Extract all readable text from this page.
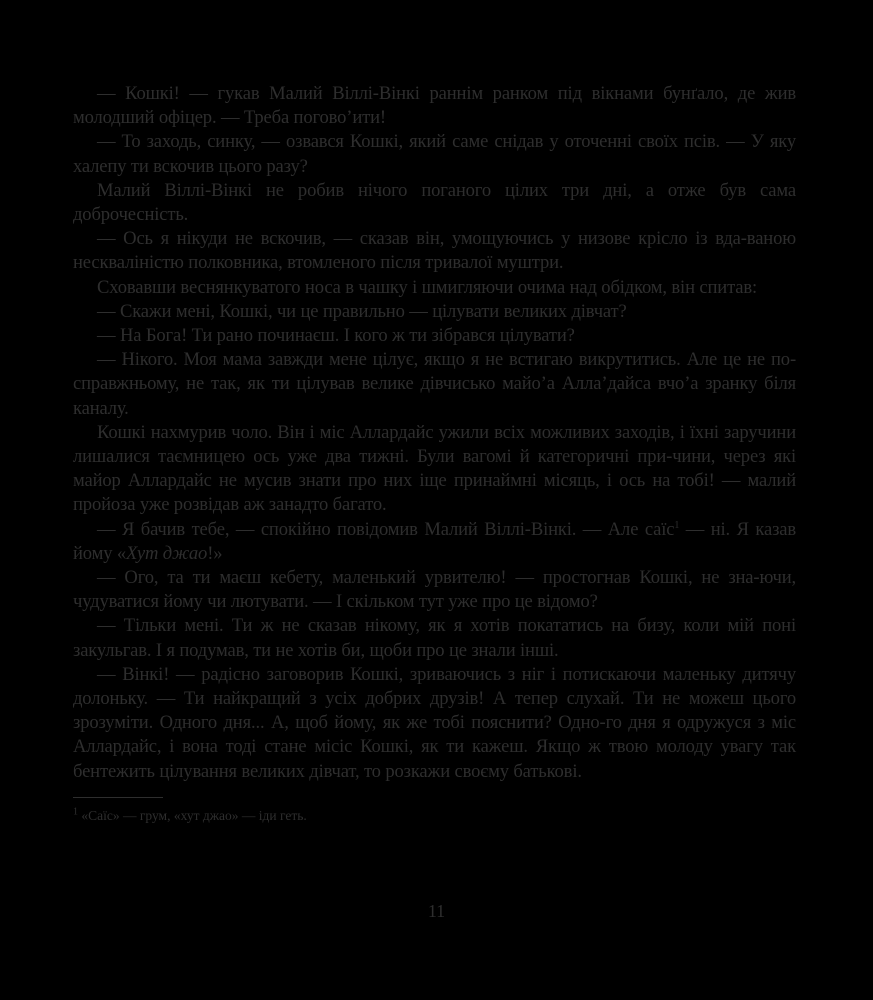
— Кошкі! — гукав Малий Віллі-Вінкі раннім ранком під вікнами бунґало, де жив молодший офіцер. — Треба погово’ити!

— То заходь, синку, — озвався Кошкі, який саме снідав у оточенні своїх псів. — У яку халепу ти вскочив цього разу?

Малий Віллі-Вінкі не робив нічого поганого цілих три дні, а отже був сама доброчесність.

— Ось я нікуди не вскочив, — сказав він, умощуючись у низове крісло із вда-ваною нескваліністю полковника, втомленого після тривалої муштри.

Сховавши веснянкуватого носа в чашку і шмигляючи очима над обідком, він спитав:

— Скажи мені, Кошкі, чи це правильно — цілувати великих дівчат?

— На Бога! Ти рано починаєш. І кого ж ти зібрався цілувати?

— Нікого. Моя мама завжди мене цілує, якщо я не встигаю викрутитись. Але це не по-справжньому, не так, як ти цілував велике дівчисько майо’а Алла’дайса вчо’а зранку біля каналу.

Кошкі нахмурив чоло. Він і міс Аллардайс ужили всіх можливих заходів, і їхні заручини лишалися таємницею ось уже два тижні. Були вагомі й категоричні при-чини, через які майор Аллардайс не мусив знати про них іще принаймні місяць, і ось на тобі! — малий пройоза уже розвідав аж занадто багато.

— Я бачив тебе, — спокійно повідомив Малий Віллі-Вінкі. — Але саїс$^1$ — ні. Я казав йому «Хут джао!»

— Ого, та ти маєш кебету, маленький урвителю! — простогнав Кошкі, не зна-ючи, чудуватися йому чи лютувати. — І скільком тут уже про це відомо?

— Тільки мені. Ти ж не сказав нікому, як я хотів покататись на бизу, коли мій поні закульгав. І я подумав, ти не хотів би, щоби про це знали інші.

— Вінкі! — радісно заговорив Кошкі, зриваючись з ніг і потискаючи маленьку дитячу долоньку. — Ти найкращий з усіх добрих друзів! А тепер слухай. Ти не можеш цього зрозуміти. Одного дня... А, щоб йому, як же тобі пояснити? Одно-го дня я одружуся з міс Аллардайс, і вона тоді стане місіс Кошкі, як ти кажеш. Якщо ж твою молоду увагу так бентежить цілування великих дівчат, то розкажи своєму батькові.

$^1$ «Саїс» — грум, «хут джао» — іди геть.

11
